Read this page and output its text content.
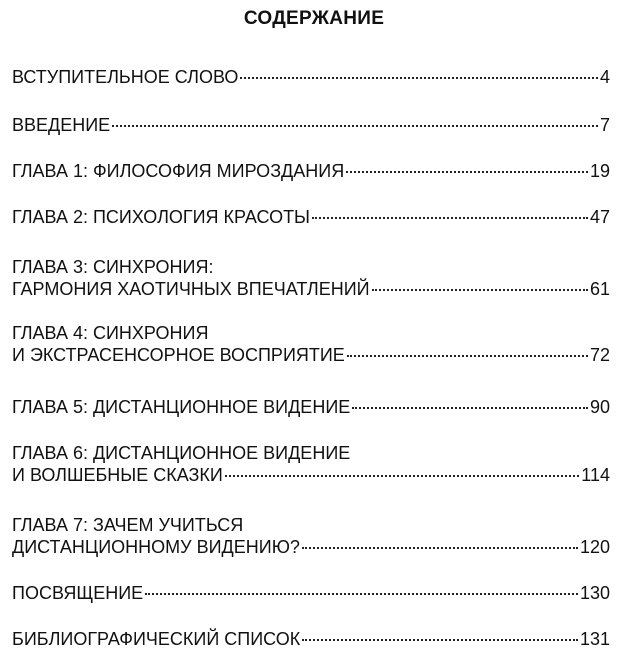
СОДЕРЖАНИЕ
ВСТУПИТЕЛЬНОЕ СЛОВО	4
ВВЕДЕНИЕ	7
ГЛАВА 1: ФИЛОСОФИЯ МИРОЗДАНИЯ	19
ГЛАВА 2: ПСИХОЛОГИЯ КРАСОТЫ	47
ГЛАВА 3: СИНХРОНИЯ:
ГАРМОНИЯ ХАОТИЧНЫХ ВПЕЧАТЛЕНИЙ	61
ГЛАВА 4: СИНХРОНИЯ
И ЭКСТРАСЕНСОРНОЕ ВОСПРИЯТИЕ	72
ГЛАВА 5: ДИСТАНЦИОННОЕ ВИДЕНИЕ	90
ГЛАВА 6: ДИСТАНЦИОННОЕ ВИДЕНИЕ
И ВОЛШЕБНЫЕ СКАЗКИ	114
ГЛАВА 7: ЗАЧЕМ УЧИТЬСЯ
ДИСТАНЦИОННОМУ ВИДЕНИЮ?	120
ПОСВЯЩЕНИЕ	130
БИБЛИОГРАФИЧЕСКИЙ СПИСОК	131
